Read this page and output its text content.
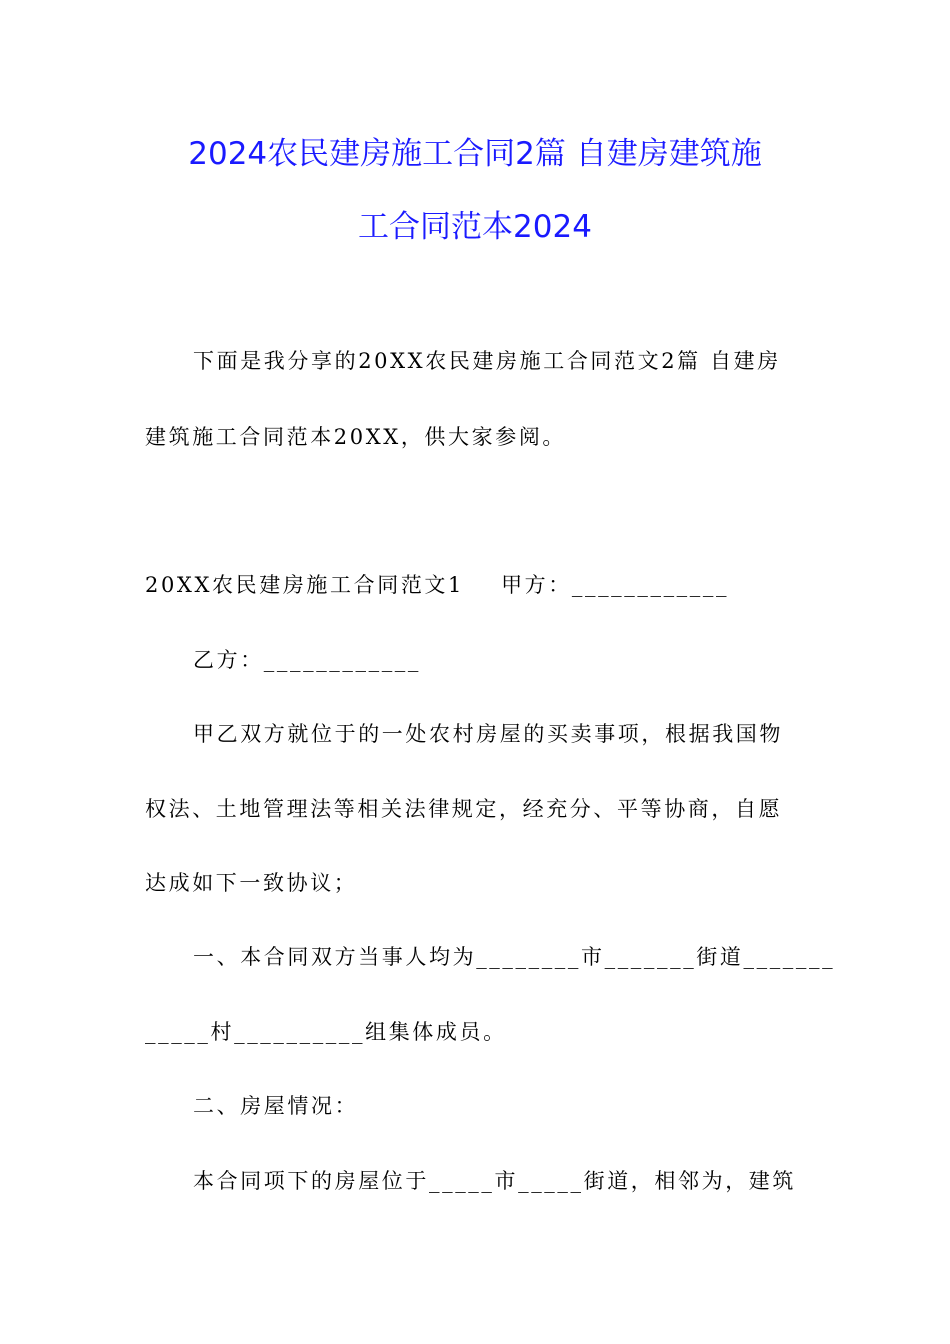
2024农民建房施工合同2篇 自建房建筑施
工合同范本2024
下面是我分享的20XX农民建房施工合同范文2篇 自建房
建筑施工合同范本20XX，供大家参阅。
20XX农民建房施工合同范文1    甲方：____________
乙方：____________
甲乙双方就位于的一处农村房屋的买卖事项，根据我国物
权法、土地管理法等相关法律规定，经充分、平等协商，自愿
达成如下一致协议；
一、本合同双方当事人均为________市_______街道_______
_____村__________组集体成员。
二、房屋情况：
本合同项下的房屋位于_____市_____街道，相邻为，建筑
